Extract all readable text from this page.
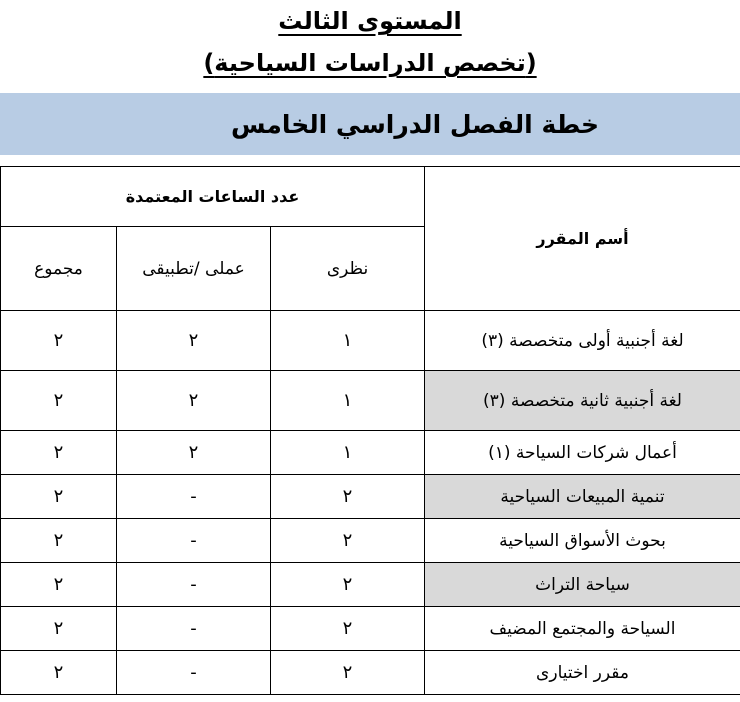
المستوى الثالث
(تخصص الدراسات السياحية)
خطة الفصل الدراسي الخامس
أسم المقرر	عدد الساعات المعتمدة		
	نظرى	عملى /تطبيقى	مجموع
لغة أجنبية أولى متخصصة (٣)	١	٢	٢
لغة أجنبية ثانية متخصصة (٣)	١	٢	٢
أعمال شركات السياحة (١)	١	٢	٢
تنمية المبيعات السياحية	٢	-	٢
بحوث الأسواق السياحية	٢	-	٢
سياحة التراث	٢	-	٢
السياحة والمجتمع المضيف	٢	-	٢
مقرر اختيارى	٢	-	٢
